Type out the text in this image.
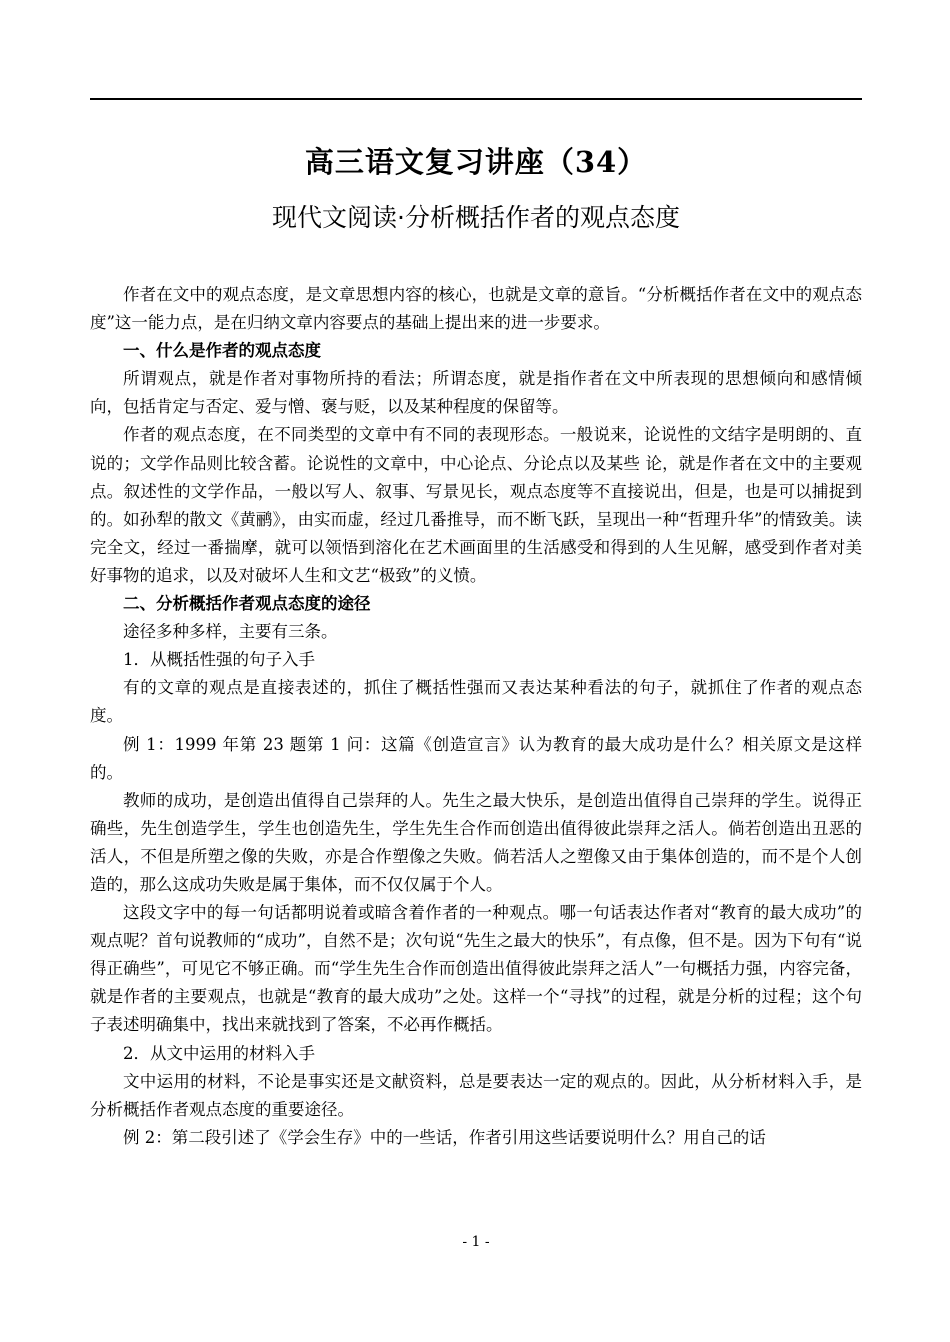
高三语文复习讲座（34）
现代文阅读·分析概括作者的观点态度

作者在文中的观点态度，是文章思想内容的核心，也就是文章的意旨。“分析概括作者在文中的观点态度”这一能力点，是在归纳文章内容要点的基础上提出来的进一步要求。

一、什么是作者的观点态度

所谓观点，就是作者对事物所持的看法；所谓态度，就是指作者在文中所表现的思想倾向和感情倾向，包括肯定与否定、爱与憎、褒与贬，以及某种程度的保留等。

作者的观点态度，在不同类型的文章中有不同的表现形态。一般说来，论说性的文结字是明朗的、直说的；文学作品则比较含蓄。论说性的文章中，中心论点、分论点以及某些 论，就是作者在文中的主要观点。叙述性的文学作品，一般以写人、叙事、写景见长，观点态度等不直接说出，但是，也是可以捕捉到的。如孙犁的散文《黄鹂》，由实而虚，经过几番推导，而不断飞跃，呈现出一种“哲理升华”的情致美。读完全文，经过一番揣摩，就可以领悟到溶化在艺术画面里的生活感受和得到的人生见解，感受到作者对美好事物的追求，以及对破坏人生和文艺“极致”的义愤。

二、分析概括作者观点态度的途径

途径多种多样，主要有三条。

1．从概括性强的句子入手

有的文章的观点是直接表述的，抓住了概括性强而又表达某种看法的句子，就抓住了作者的观点态度。

例 1：1999 年第 23 题第 1 问：这篇《创造宣言》认为教育的最大成功是什么？相关原文是这样的。

教师的成功，是创造出值得自己崇拜的人。先生之最大快乐，是创造出值得自己崇拜的学生。说得正确些，先生创造学生，学生也创造先生，学生先生合作而创造出值得彼此崇拜之活人。倘若创造出丑恶的活人，不但是所塑之像的失败，亦是合作塑像之失败。倘若活人之塑像又由于集体创造的，而不是个人创造的，那么这成功失败是属于集体，而不仅仅属于个人。

这段文字中的每一句话都明说着或暗含着作者的一种观点。哪一句话表达作者对“教育的最大成功”的观点呢？首句说教师的“成功”，自然不是；次句说“先生之最大的快乐”，有点像，但不是。因为下句有“说得正确些”，可见它不够正确。而“学生先生合作而创造出值得彼此崇拜之活人”一句概括力强，内容完备，就是作者的主要观点，也就是“教育的最大成功”之处。这样一个“寻找”的过程，就是分析的过程；这个句子表述明确集中，找出来就找到了答案，不必再作概括。

2．从文中运用的材料入手

文中运用的材料，不论是事实还是文献资料，总是要表达一定的观点的。因此，从分析材料入手，是分析概括作者观点态度的重要途径。

例 2：第二段引述了《学会生存》中的一些话，作者引用这些话要说明什么？用自己的话

- 1 -
